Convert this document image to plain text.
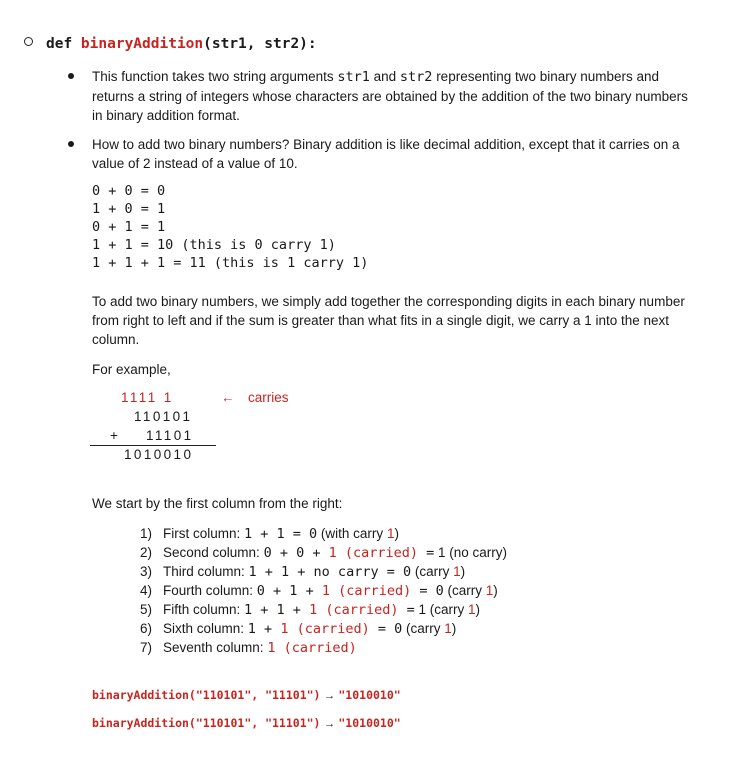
def binaryAddition(str1, str2):
This function takes two string arguments str1 and str2 representing two binary numbers and returns a string of integers whose characters are obtained by the addition of the two binary numbers in binary addition format.
How to add two binary numbers? Binary addition is like decimal addition, except that it carries on a value of 2 instead of a value of 10.
0 + 0 = 0
1 + 0 = 1
0 + 1 = 1
1 + 1 = 10 (this is 0 carry 1)
1 + 1 + 1 = 11 (this is 1 carry 1)
To add two binary numbers, we simply add together the corresponding digits in each binary number from right to left and if the sum is greater than what fits in a single digit, we carry a 1 into the next column.
For example,
1111 1	← carries
110101
+ 11101
1010010
We start by the first column from the right:
1) First column: 1 + 1 = 0 (with carry 1)
2) Second column: 0 + 0 + 1 (carried) = 1 (no carry)
3) Third column: 1 + 1 + no carry = 0 (carry 1)
4) Fourth column: 0 + 1 + 1 (carried) = 0 (carry 1)
5) Fifth column: 1 + 1 + 1 (carried) = 1 (carry 1)
6) Sixth column: 1 + 1 (carried) = 0 (carry 1)
7) Seventh column: 1 (carried)
binaryAddition("110101", "11101") → "1010010"
binaryAddition("110101", "11101") → "1010010"
